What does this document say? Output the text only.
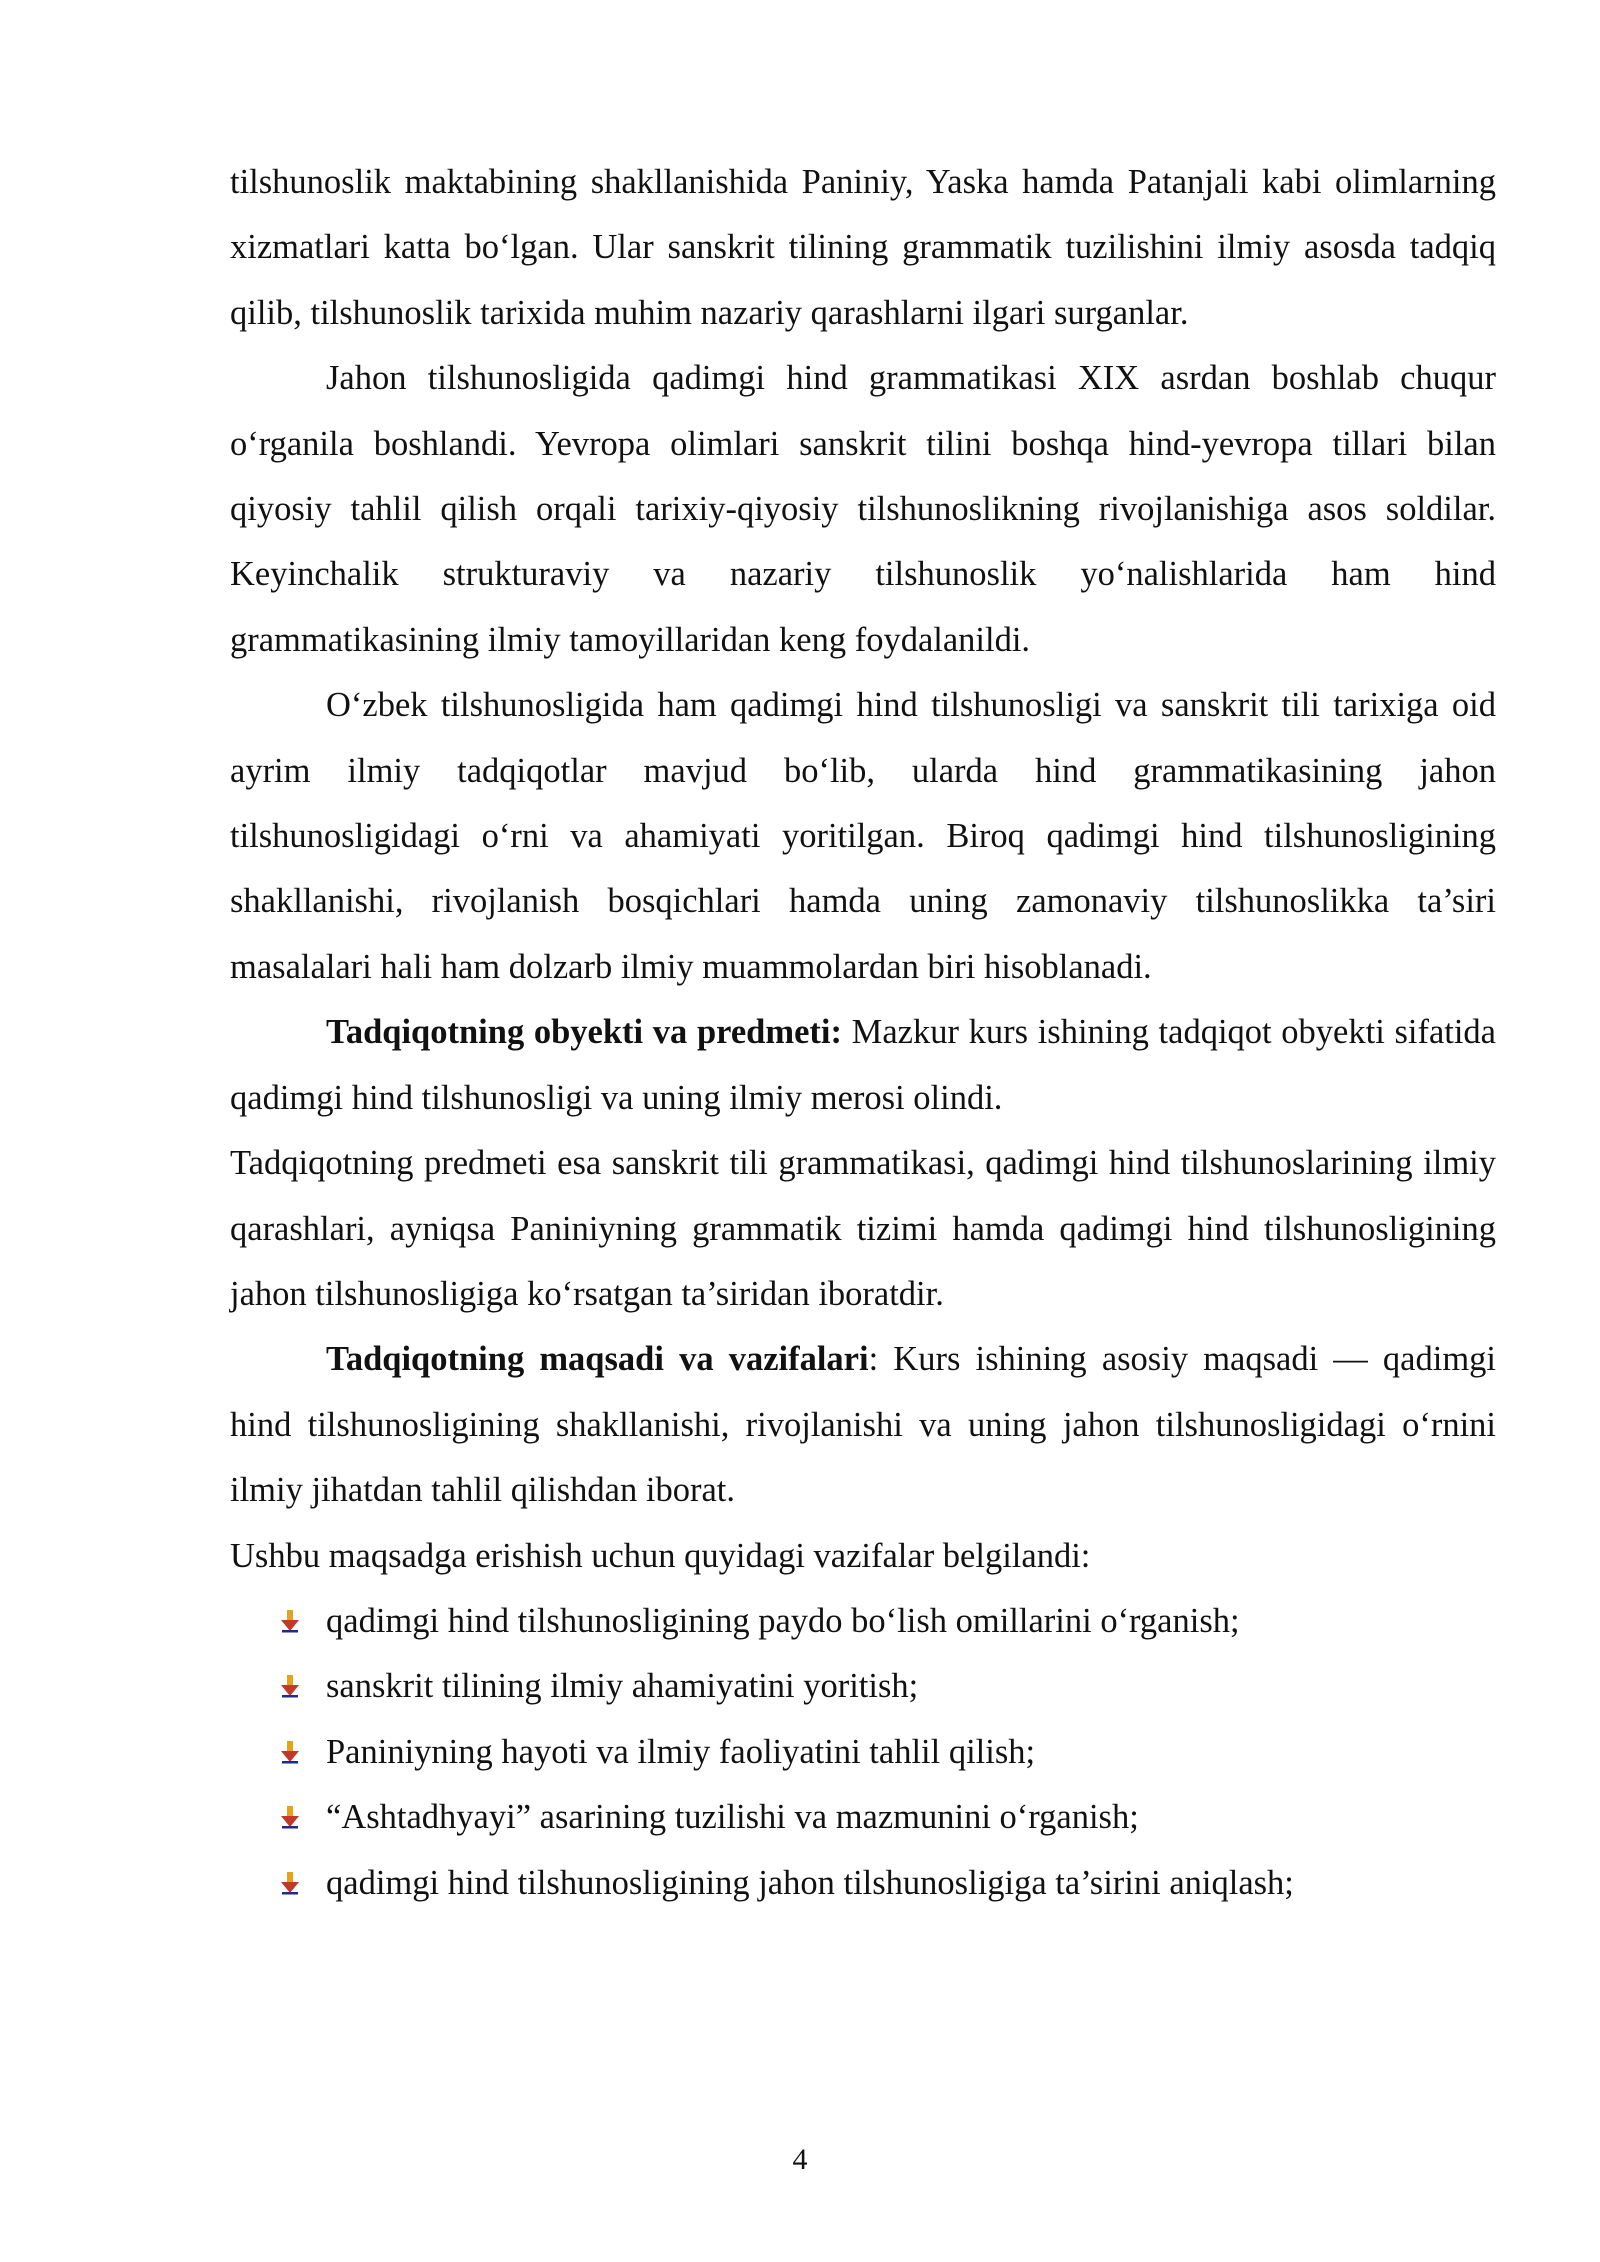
tilshunoslik maktabining shakllanishida Paniniy, Yaska hamda Patanjali kabi olimlarning xizmatlari katta bo‘lgan. Ular sanskrit tilining grammatik tuzilishini ilmiy asosda tadqiq qilib, tilshunoslik tarixida muhim nazariy qarashlarni ilgari surganlar.

Jahon tilshunosligida qadimgi hind grammatikasi XIX asrdan boshlab chuqur o‘rganila boshlandi. Yevropa olimlari sanskrit tilini boshqa hind-yevropa tillari bilan qiyosiy tahlil qilish orqali tarixiy-qiyosiy tilshunoslikning rivojlanishiga asos soldilar. Keyinchalik strukturaviy va nazariy tilshunoslik yo‘nalishlarida ham hind grammatikasining ilmiy tamoyillaridan keng foydalanildi.

O‘zbek tilshunosligida ham qadimgi hind tilshunosligi va sanskrit tili tarixiga oid ayrim ilmiy tadqiqotlar mavjud bo‘lib, ularda hind grammatikasining jahon tilshunosligidagi o‘rni va ahamiyati yoritilgan. Biroq qadimgi hind tilshunosligining shakllanishi, rivojlanish bosqichlari hamda uning zamonaviy tilshunoslikka ta’siri masalalari hali ham dolzarb ilmiy muammolardan biri hisoblanadi.

Tadqiqotning obyekti va predmeti: Mazkur kurs ishining tadqiqot obyekti sifatida qadimgi hind tilshunosligi va uning ilmiy merosi olindi.

Tadqiqotning predmeti esa sanskrit tili grammatikasi, qadimgi hind tilshunoslarining ilmiy qarashlari, ayniqsa Paniniyning grammatik tizimi hamda qadimgi hind tilshunosligining jahon tilshunosligiga ko‘rsatgan ta’siridan iboratdir.

Tadqiqotning maqsadi va vazifalari: Kurs ishining asosiy maqsadi — qadimgi hind tilshunosligining shakllanishi, rivojlanishi va uning jahon tilshunosligidagi o‘rnini ilmiy jihatdan tahlil qilishdan iborat.

Ushbu maqsadga erishish uchun quyidagi vazifalar belgilandi:

qadimgi hind tilshunosligining paydo bo‘lish omillarini o‘rganish;
sanskrit tilining ilmiy ahamiyatini yoritish;
Paniniyning hayoti va ilmiy faoliyatini tahlil qilish;
“Ashtadhyayi” asarining tuzilishi va mazmunini o‘rganish;
qadimgi hind tilshunosligining jahon tilshunosligiga ta’sirini aniqlash;
4
